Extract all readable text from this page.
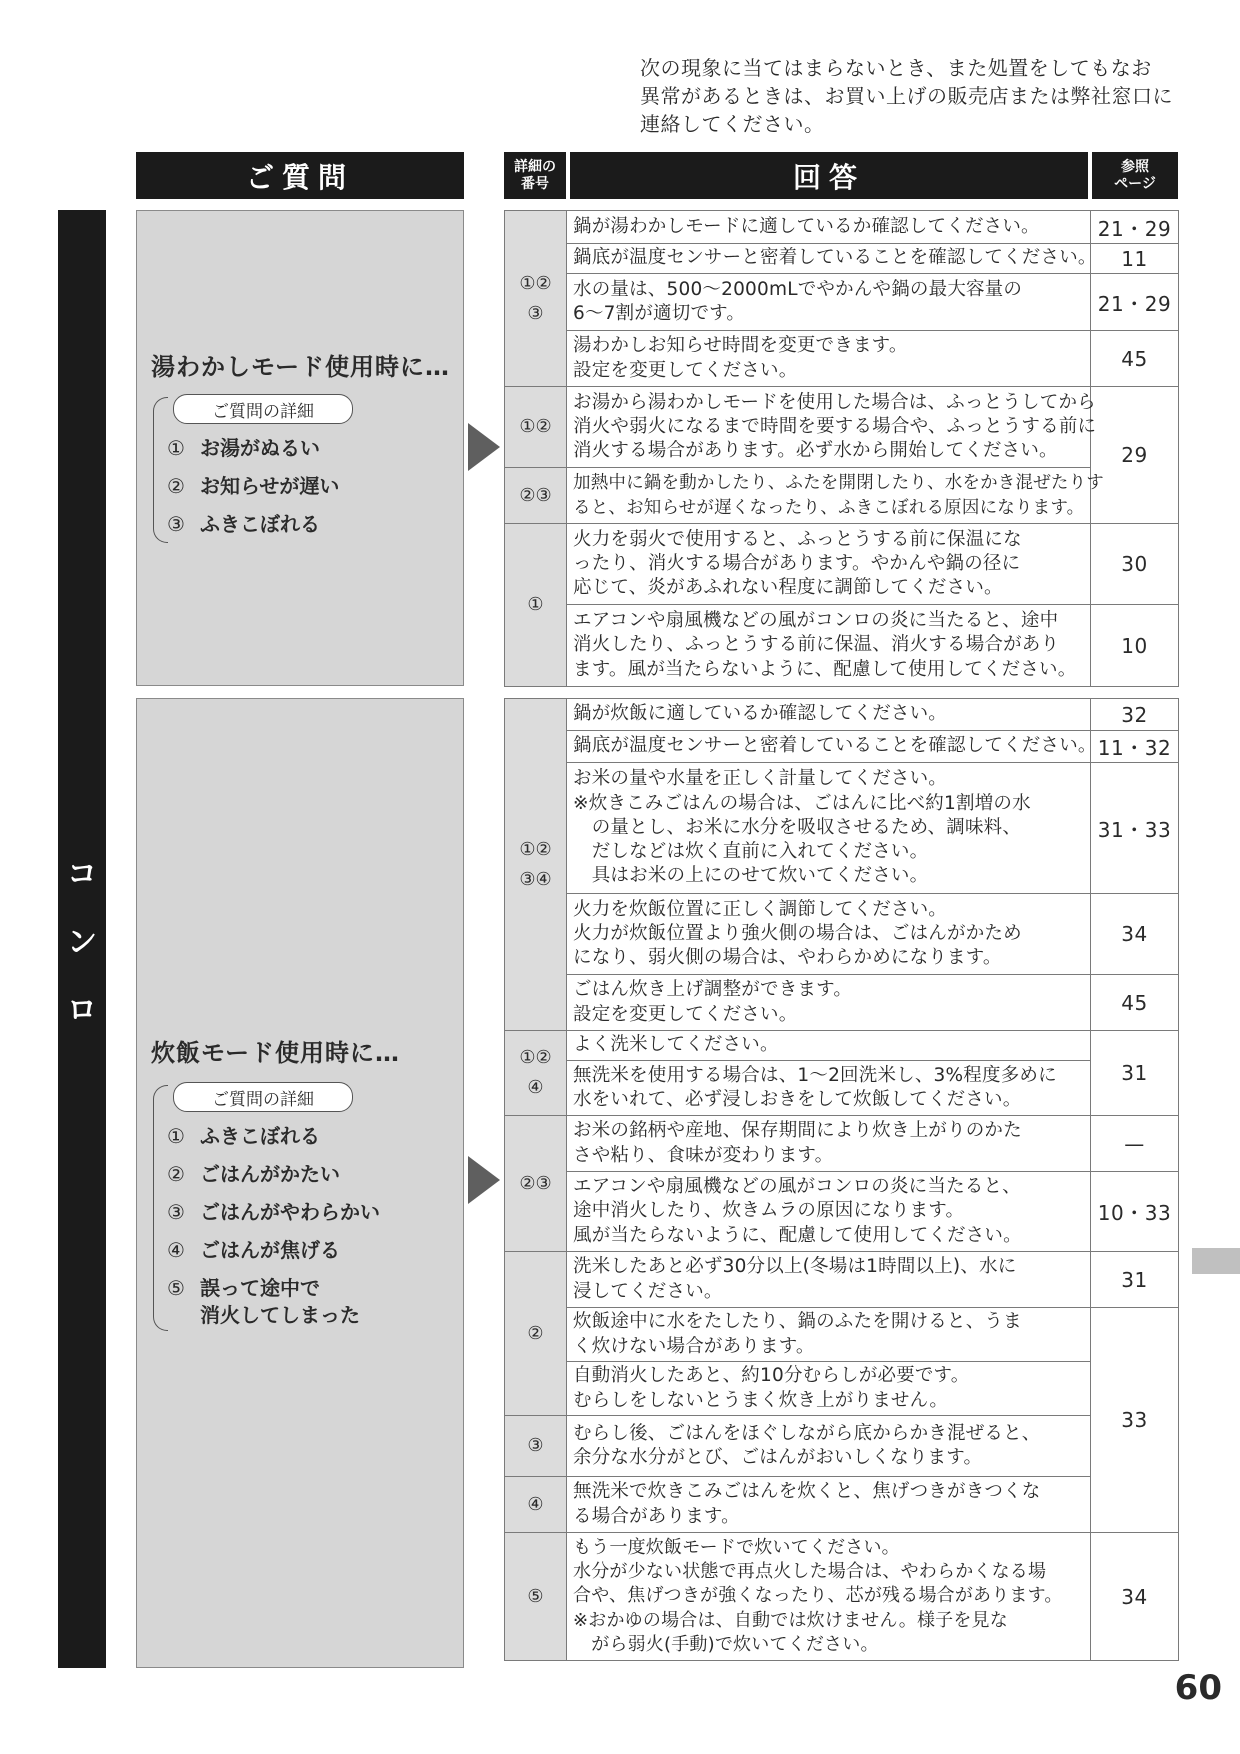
次の現象に当てはまらないとき、また処置をしてもなお
異常があるときは、お買い上げの販売店または弊社窓口に
連絡してください。
ご質問	詳細の
番号	回答	参照
ページ
コ
ン
ロ
湯わかしモード使用時に…
ご質問の詳細
① お湯がぬるい
② お知らせが遅い
③ ふきこぼれる
①②
③	鍋が湯わかしモードに適しているか確認してください。	21・29
	鍋底が温度センサーと密着していることを確認してください。	11
	水の量は、500〜2000mLでやかんや鍋の最大容量の
6〜7割が適切です。	21・29
	湯わかしお知らせ時間を変更できます。
設定を変更してください。	45
①②	お湯から湯わかしモードを使用した場合は、ふっとうしてから
消火や弱火になるまで時間を要する場合や、ふっとうする前に
消火する場合があります。必ず水から開始してください。	29
②③	加熱中に鍋を動かしたり、ふたを開閉したり、水をかき混ぜたりす
ると、お知らせが遅くなったり、ふきこぼれる原因になります。	
①	火力を弱火で使用すると、ふっとうする前に保温にな
ったり、消火する場合があります。やかんや鍋の径に
応じて、炎があふれない程度に調節してください。	30
	エアコンや扇風機などの風がコンロの炎に当たると、途中
消火したり、ふっとうする前に保温、消火する場合があり
ます。風が当たらないように、配慮して使用してください。	10
炊飯モード使用時に…
ご質問の詳細
① ふきこぼれる
② ごはんがかたい
③ ごはんがやわらかい
④ ごはんが焦げる
⑤ 誤って途中で
消火してしまった
①②
③④	鍋が炊飯に適しているか確認してください。	32
	鍋底が温度センサーと密着していることを確認してください。	11・32
	お米の量や水量を正しく計量してください。
※炊きこみごはんの場合は、ごはんに比べ約1割増の水
　の量とし、お米に水分を吸収させるため、調味料、
　だしなどは炊く直前に入れてください。
　具はお米の上にのせて炊いてください。	31・33
	火力を炊飯位置に正しく調節してください。
火力が炊飯位置より強火側の場合は、ごはんがかため
になり、弱火側の場合は、やわらかめになります。	34
	ごはん炊き上げ調整ができます。
設定を変更してください。	45
①②
④	よく洗米してください。	31
	無洗米を使用する場合は、1〜2回洗米し、3%程度多めに
水をいれて、必ず浸しおきをして炊飯してください。	
②③	お米の銘柄や産地、保存期間により炊き上がりのかた
さや粘り、食味が変わります。	—
	エアコンや扇風機などの風がコンロの炎に当たると、
途中消火したり、炊きムラの原因になります。
風が当たらないように、配慮して使用してください。	10・33
②	洗米したあと必ず30分以上(冬場は1時間以上)、水に
浸してください。	31
	炊飯途中に水をたしたり、鍋のふたを開けると、うま
く炊けない場合があります。	33
	自動消火したあと、約10分むらしが必要です。
むらしをしないとうまく炊き上がりません。	
③	むらし後、ごはんをほぐしながら底からかき混ぜると、
余分な水分がとび、ごはんがおいしくなります。	
④	無洗米で炊きこみごはんを炊くと、焦げつきがきつくな
る場合があります。	
⑤	もう一度炊飯モードで炊いてください。
水分が少ない状態で再点火した場合は、やわらかくなる場
合や、焦げつきが強くなったり、芯が残る場合があります。
※おかゆの場合は、自動では炊けません。様子を見な
　がら弱火(手動)で炊いてください。	34
60
